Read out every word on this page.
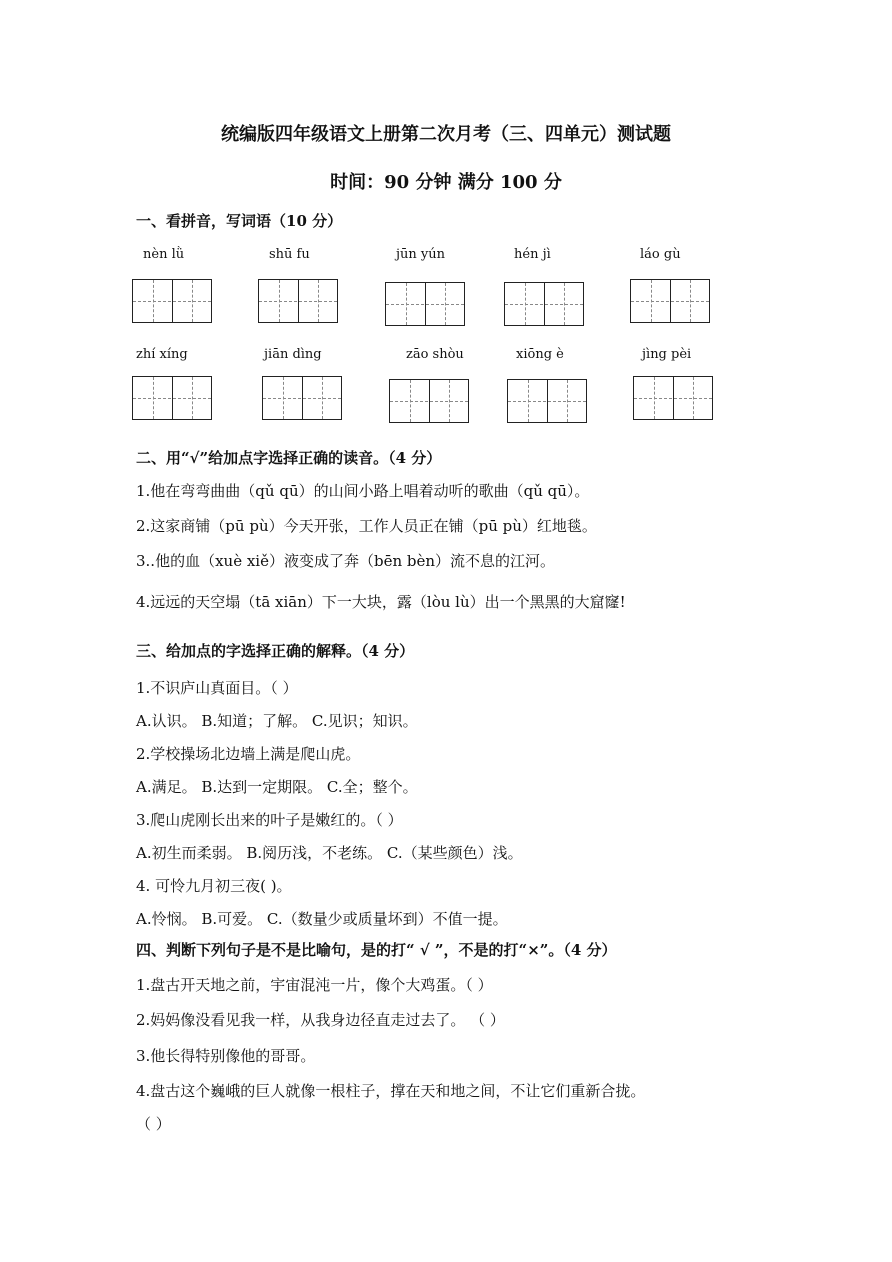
统编版四年级语文上册第二次月考（三、四单元）测试题
时间：90 分钟 满分 100 分
一、看拼音，写词语（10 分）
nèn lǜ	shū fu	jūn yún	hén jì	láo gù
zhí xíng	jiān dìng	zāo shòu	xiōng è	jìng pèi
二、用“√”给加点字选择正确的读音。（4 分）
1.他在弯弯曲曲（qǔ qū）的山间小路上唱着动听的歌曲（qǔ qū）。
2.这家商铺（pū pù）今天开张，工作人员正在铺（pū pù）红地毯。
3..他的血（xuè xiě）液变成了奔（bēn bèn）流不息的江河。
4.远远的天空塌（tā xiān）下一大块，露（lòu lù）出一个黑黑的大窟窿!
三、给加点的字选择正确的解释。（4 分）
1.不识庐山真面目。（ ）
A.认识。 B.知道；了解。 C.见识；知识。
2.学校操场北边墙上满是爬山虎。
A.满足。 B.达到一定期限。 C.全；整个。
3.爬山虎刚长出来的叶子是嫩红的。（ ）
A.初生而柔弱。 B.阅历浅，不老练。 C.（某些颜色）浅。
4. 可怜九月初三夜( )。
A.怜悯。 B.可爱。 C.（数量少或质量坏到）不值一提。
四、判断下列句子是不是比喻句，是的打“ √ ”，不是的打“×”。（4 分）
1.盘古开天地之前，宇宙混沌一片，像个大鸡蛋。（ ）
2.妈妈像没看见我一样，从我身边径直走过去了。 （ ）
3.他长得特别像他的哥哥。
4.盘古这个巍峨的巨人就像一根柱子，撑在天和地之间，不让它们重新合拢。
（ ）
